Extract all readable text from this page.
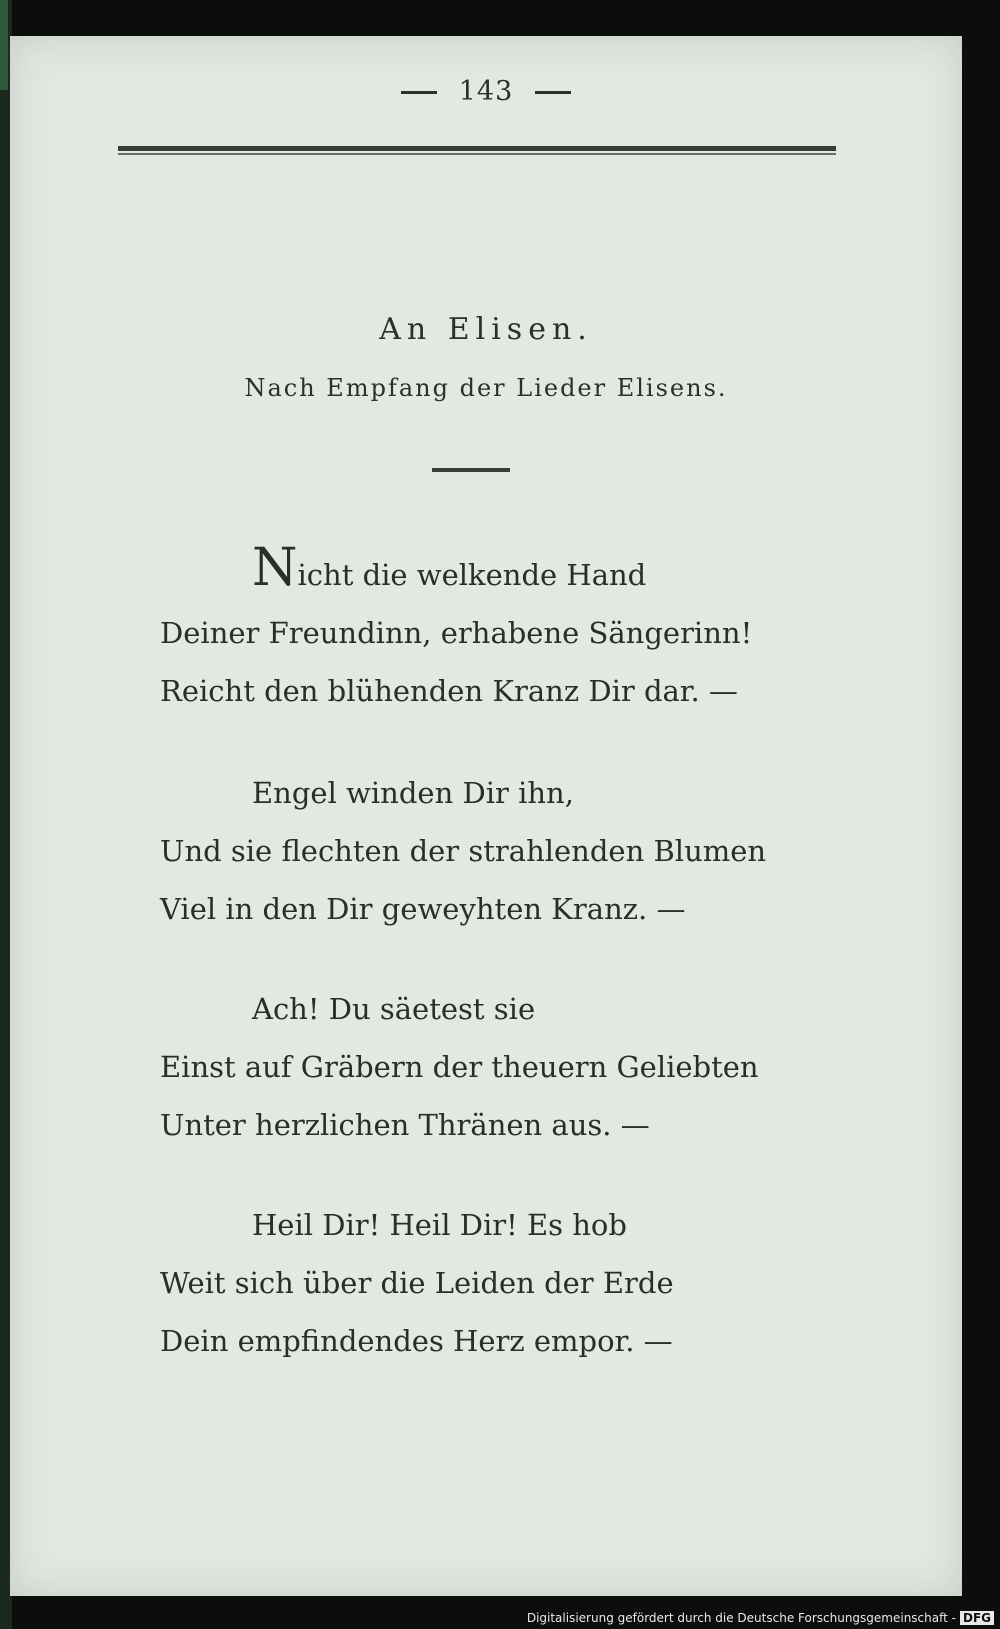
143
An Elisen.
Nach Empfang der Lieder Elisens.
Nicht die welkende Hand
Deiner Freundinn, erhabene Sängerinn!
Reicht den blühenden Kranz Dir dar. —
Engel winden Dir ihn,
Und sie flechten der strahlenden Blumen
Viel in den Dir geweyhten Kranz. —
Ach! Du säetest sie
Einst auf Gräbern der theuern Geliebten
Unter herzlichen Thränen aus. —
Heil Dir! Heil Dir! Es hob
Weit sich über die Leiden der Erde
Dein empfindendes Herz empor. —
Digitalisierung gefördert durch die Deutsche Forschungsgemeinschaft - DFG
